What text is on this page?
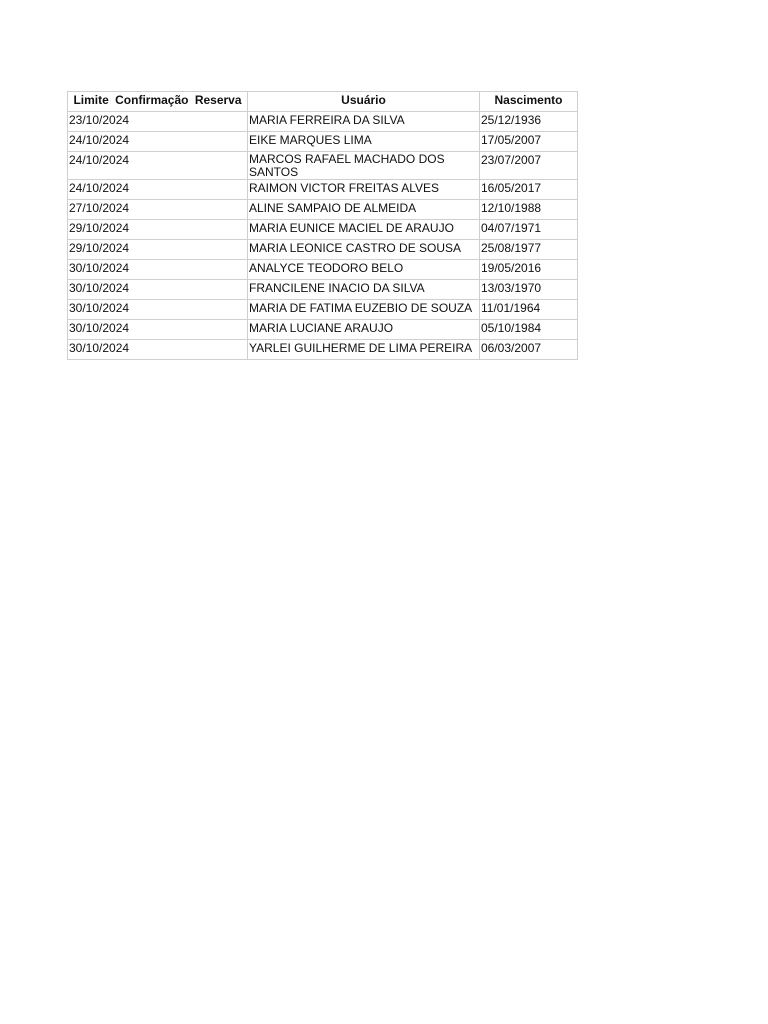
Limite Confirmação Reserva	Usuário	Nascimento
23/10/2024	MARIA FERREIRA DA SILVA	25/12/1936
24/10/2024	EIKE MARQUES LIMA	17/05/2007
24/10/2024	MARCOS RAFAEL MACHADO DOS SANTOS	23/07/2007
24/10/2024	RAIMON VICTOR FREITAS ALVES	16/05/2017
27/10/2024	ALINE SAMPAIO DE ALMEIDA	12/10/1988
29/10/2024	MARIA EUNICE MACIEL DE ARAUJO	04/07/1971
29/10/2024	MARIA LEONICE CASTRO DE SOUSA	25/08/1977
30/10/2024	ANALYCE TEODORO BELO	19/05/2016
30/10/2024	FRANCILENE INACIO DA SILVA	13/03/1970
30/10/2024	MARIA DE FATIMA EUZEBIO DE SOUZA	11/01/1964
30/10/2024	MARIA LUCIANE ARAUJO	05/10/1984
30/10/2024	YARLEI GUILHERME DE LIMA PEREIRA	06/03/2007
